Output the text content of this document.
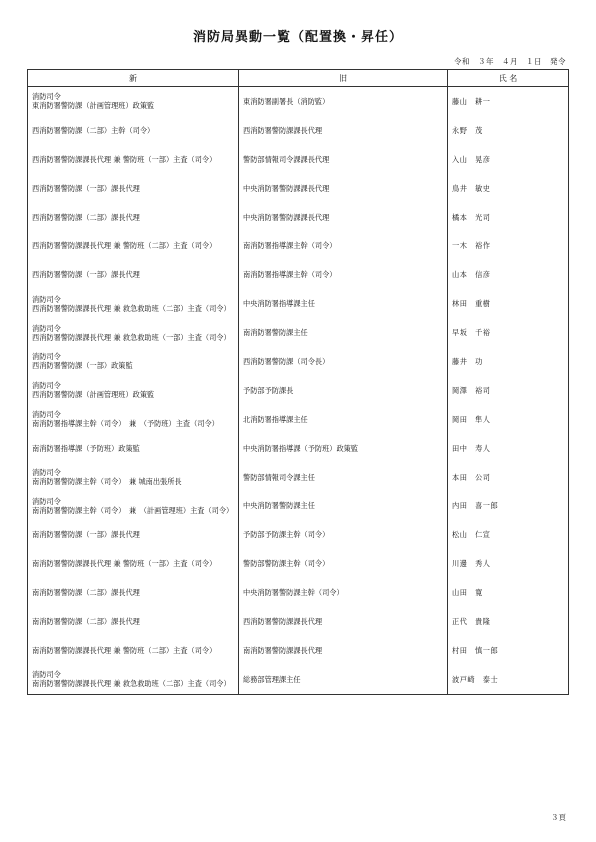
消防局異動一覧（配置換・昇任）
令和　３年　４月　１日　発令
新	旧	氏 名
消防司令
東消防署警防課（計画管理班）政策監	東消防署副署長（消防監）	藤山　耕一
西消防署警防課（二部）主幹（司令）	西消防署警防課課長代理	永野　茂
西消防署警防課課長代理 兼 警防班（一部）主査（司令）	警防部情報司令課課長代理	入山　晃彦
西消防署警防課（一部）課長代理	中央消防署警防課課長代理	鳥井　敏史
西消防署警防課（二部）課長代理	中央消防署警防課課長代理	橘本　光司
西消防署警防課課長代理 兼 警防班（二部）主査（司令）	南消防署指導課主幹（司令）	一木　裕作
西消防署警防課（一部）課長代理	南消防署指導課主幹（司令）	山本　信彦
消防司令
西消防署警防課課長代理 兼 救急救助班（二部）主査（司令）	中央消防署指導課主任	林田　重樹
消防司令
西消防署警防課課長代理 兼 救急救助班（一部）主査（司令）	南消防署警防課主任	早坂　千裕
消防司令
西消防署警防課（一部）政策監	西消防署警防課（司令長）	藤井　功
消防司令
西消防署警防課（計画管理班）政策監	予防部予防課長	岡澤　裕司
消防司令
南消防署指導課主幹（司令）　兼　（予防班）主査（司令）	北消防署指導課主任	岡田　隼人
南消防署指導課（予防班）政策監	中央消防署指導課（予防班）政策監	田中　寿人
消防司令
南消防署警防課主幹（司令）　兼 城南出張所長	警防部情報司令課主任	本田　公司
消防司令
南消防署警防課主幹（司令）　兼　（計画管理班）主査（司令）	中央消防署警防課主任	内田　喜一郎
南消防署警防課（一部）課長代理	予防部予防課主幹（司令）	松山　仁宣
南消防署警防課課長代理 兼 警防班（一部）主査（司令）	警防部警防課主幹（司令）	川邊　秀人
南消防署警防課（二部）課長代理	中央消防署警防課主幹（司令）	山田　寛
南消防署警防課（二部）課長代理	西消防署警防課課長代理	正代　貴隆
南消防署警防課課長代理 兼 警防班（二部）主査（司令）	南消防署警防課課長代理	村田　慎一郎
消防司令
南消防署警防課課長代理 兼 救急救助班（二部）主査（司令）	総務部管理課主任	波戸崎　泰士
３頁
